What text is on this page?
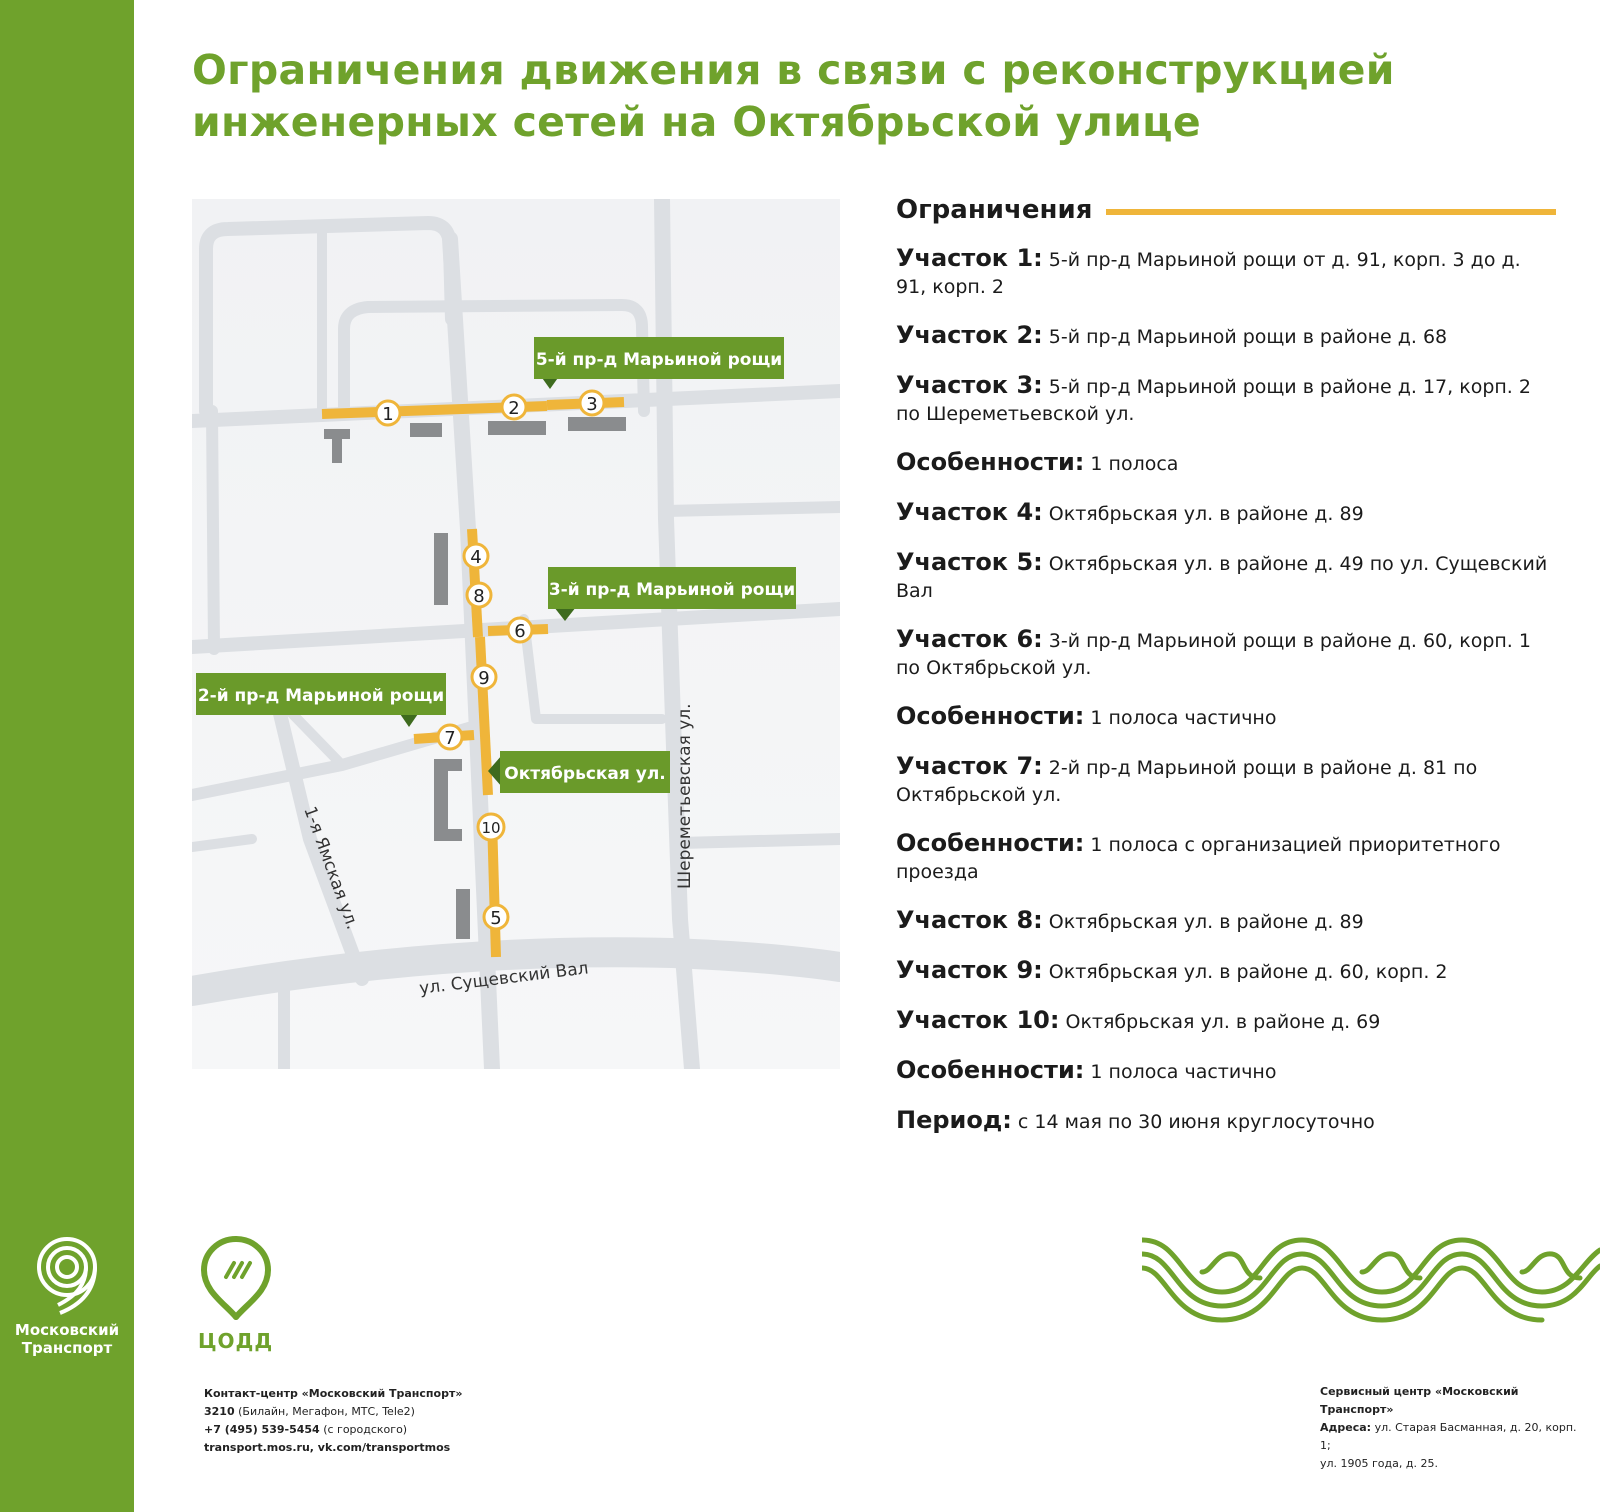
Московский
Транспорт
Ограничения движения в связи с реконструкцией
инженерных сетей на Октябрьской улице
5-й пр-д Марьиной рощи
3-й пр-д Марьиной рощи
2-й пр-д Марьиной рощи
Октябрьская ул.
1-я Ямская ул.	Шереметьевская ул.
ул. Сущевский Вал
1	2	3
4
5
6
7
8
9
10
Ограничения
Участок 1: 5-й пр-д Марьиной рощи от д. 91, корп. 3 до д. 91, корп. 2
Участок 2: 5-й пр-д Марьиной рощи в районе д. 68
Участок 3: 5-й пр-д Марьиной рощи в районе д. 17, корп. 2 по Шереметьевской ул.
Особенности: 1 полоса
Участок 4: Октябрьская ул. в районе д. 89
Участок 5: Октябрьская ул. в районе д. 49 по ул. Сущевский Вал
Участок 6: 3-й пр-д Марьиной рощи в районе д. 60, корп. 1 по Октябрьской ул.
Особенности: 1 полоса частично
Участок 7: 2-й пр-д Марьиной рощи в районе д. 81 по Октябрьской ул.
Особенности: 1 полоса с организацией приоритетного проезда
Участок 8: Октябрьская ул. в районе д. 89
Участок 9: Октябрьская ул. в районе д. 60, корп. 2
Участок 10: Октябрьская ул. в районе д. 69
Особенности: 1 полоса частично
Период: с 14 мая по 30 июня круглосуточно
ЦОДД
Контакт-центр «Московский Транспорт»
3210 (Билайн, Мегафон, МТС, Tele2)
+7 (495) 539-5454 (с городского)
transport.mos.ru, vk.com/transportmos
Сервисный центр «Московский Транспорт»
Адреса: ул. Старая Басманная, д. 20, корп. 1;
ул. 1905 года, д. 25.
